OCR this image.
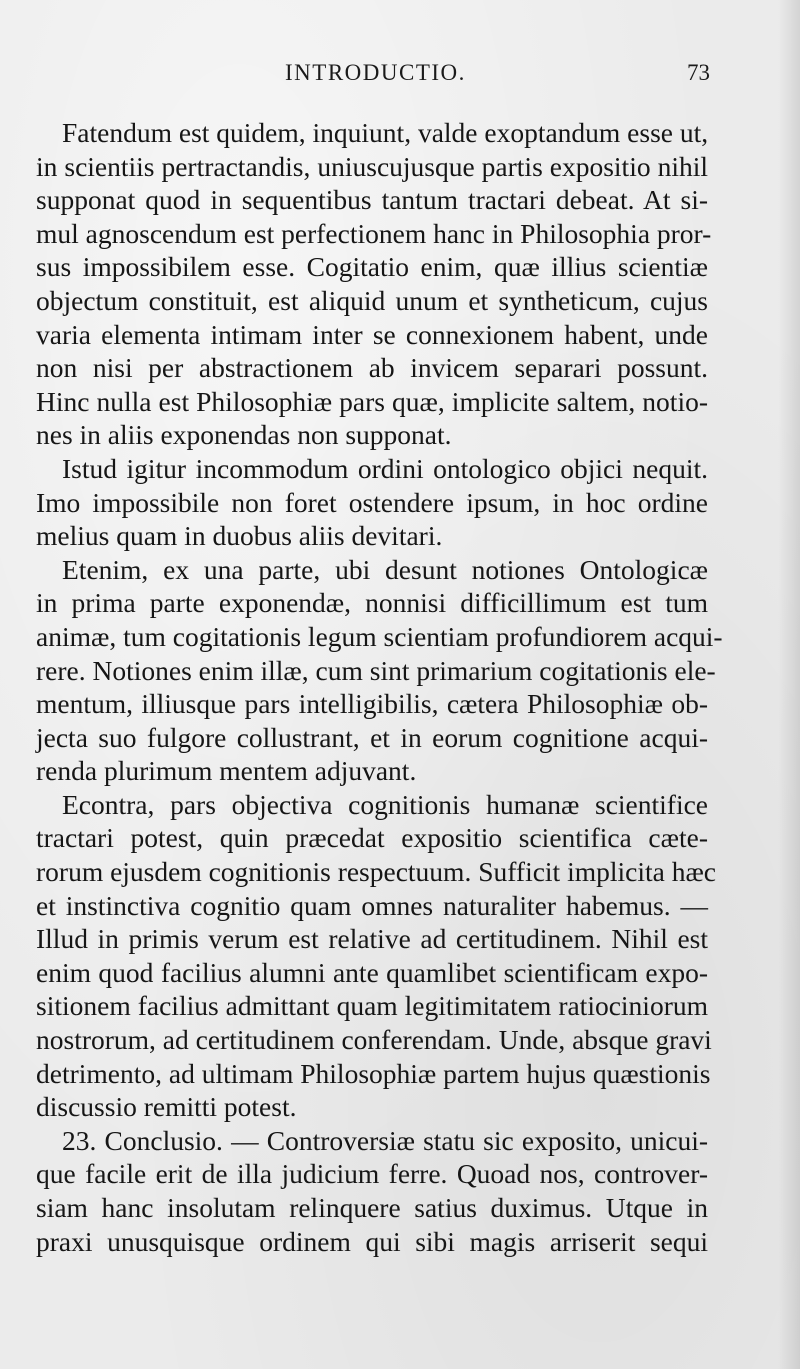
INTRODUCTIO.	73
Fatendum est quidem, inquiunt, valde exoptandum esse ut,
in scientiis pertractandis, uniuscujusque partis expositio nihil
supponat quod in sequentibus tantum tractari debeat. At si-
mul agnoscendum est perfectionem hanc in Philosophia pror-
sus impossibilem esse. Cogitatio enim, quæ illius scientiæ
objectum constituit, est aliquid unum et syntheticum, cujus
varia elementa intimam inter se connexionem habent, unde
non nisi per abstractionem ab invicem separari possunt.
Hinc nulla est Philosophiæ pars quæ, implicite saltem, notio-
nes in aliis exponendas non supponat.
Istud igitur incommodum ordini ontologico objici nequit.
Imo impossibile non foret ostendere ipsum, in hoc ordine
melius quam in duobus aliis devitari.
Etenim, ex una parte, ubi desunt notiones Ontologicæ
in prima parte exponendæ, nonnisi difficillimum est tum
animæ, tum cogitationis legum scientiam profundiorem acqui-
rere. Notiones enim illæ, cum sint primarium cogitationis ele-
mentum, illiusque pars intelligibilis, cætera Philosophiæ ob-
jecta suo fulgore collustrant, et in eorum cognitione acqui-
renda plurimum mentem adjuvant.
Econtra, pars objectiva cognitionis humanæ scientifice
tractari potest, quin præcedat expositio scientifica cæte-
rorum ejusdem cognitionis respectuum. Sufficit implicita hæc
et instinctiva cognitio quam omnes naturaliter habemus. —
Illud in primis verum est relative ad certitudinem. Nihil est
enim quod facilius alumni ante quamlibet scientificam expo-
sitionem facilius admittant quam legitimitatem ratiociniorum
nostrorum, ad certitudinem conferendam. Unde, absque gravi
detrimento, ad ultimam Philosophiæ partem hujus quæstionis
discussio remitti potest.
23. Conclusio. — Controversiæ statu sic exposito, unicui-
que facile erit de illa judicium ferre. Quoad nos, controver-
siam hanc insolutam relinquere satius duximus. Utque in
praxi unusquisque ordinem qui sibi magis arriserit sequi
